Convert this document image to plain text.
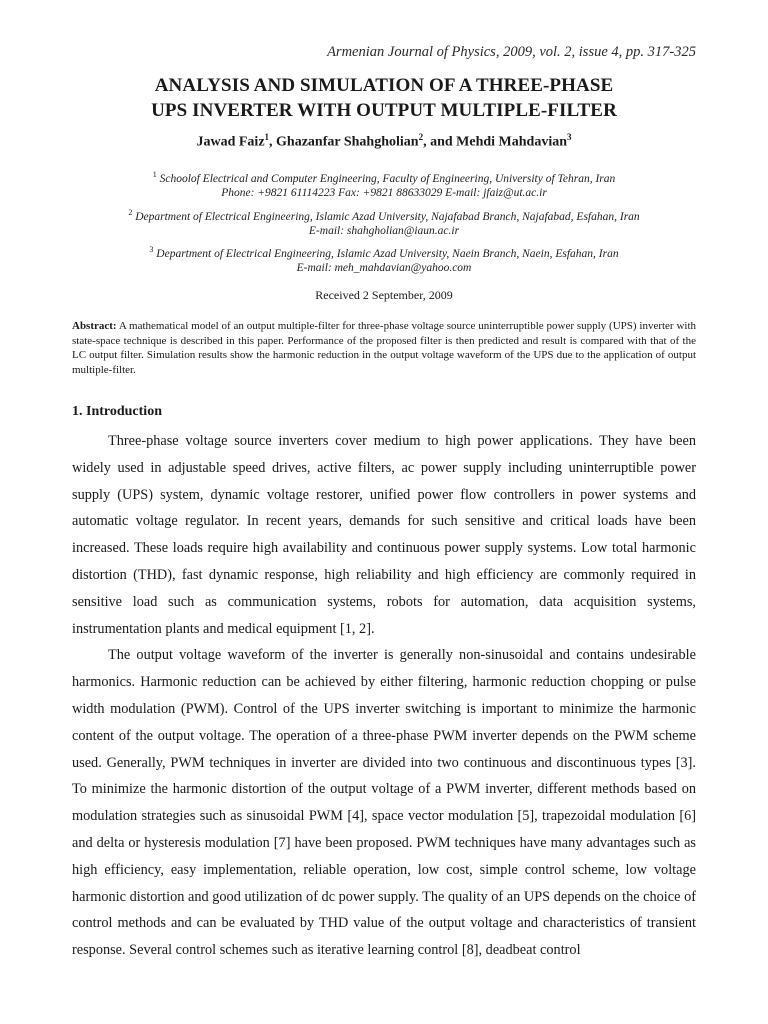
Armenian Journal of Physics, 2009, vol. 2, issue 4, pp. 317-325
ANALYSIS AND SIMULATION OF A THREE-PHASE
UPS INVERTER WITH OUTPUT MULTIPLE-FILTER
Jawad Faiz$^1$, Ghazanfar Shahgholian$^2$, and Mehdi Mahdavian$^3$
$^1$ Schoolof Electrical and Computer Engineering, Faculty of Engineering, University of Tehran, Iran
Phone: +9821 61114223 Fax: +9821 88633029 E-mail: jfaiz@ut.ac.ir
$^2$ Department of Electrical Engineering, Islamic Azad University, Najafabad Branch, Najafabad, Esfahan, Iran
E-mail: shahgholian@iaun.ac.ir
$^3$ Department of Electrical Engineering, Islamic Azad University, Naein Branch, Naein, Esfahan, Iran
E-mail: meh_mahdavian@yahoo.com
Received 2 September, 2009
Abstract: A mathematical model of an output multiple-filter for three-phase voltage source uninterruptible power supply (UPS) inverter with state-space technique is described in this paper. Performance of the proposed filter is then predicted and result is compared with that of the LC output filter. Simulation results show the harmonic reduction in the output voltage waveform of the UPS due to the application of output multiple-filter.
1. Introduction

Three-phase voltage source inverters cover medium to high power applications. They have been widely used in adjustable speed drives, active filters, ac power supply including uninterruptible power supply (UPS) system, dynamic voltage restorer, unified power flow controllers in power systems and automatic voltage regulator. In recent years, demands for such sensitive and critical loads have been increased. These loads require high availability and continuous power supply systems. Low total harmonic distortion (THD), fast dynamic response, high reliability and high efficiency are commonly required in sensitive load such as communication systems, robots for automation, data acquisition systems, instrumentation plants and medical equipment [1, 2].

The output voltage waveform of the inverter is generally non-sinusoidal and contains undesirable harmonics. Harmonic reduction can be achieved by either filtering, harmonic reduction chopping or pulse width modulation (PWM). Control of the UPS inverter switching is important to minimize the harmonic content of the output voltage. The operation of a three-phase PWM inverter depends on the PWM scheme used. Generally, PWM techniques in inverter are divided into two continuous and discontinuous types [3]. To minimize the harmonic distortion of the output voltage of a PWM inverter, different methods based on modulation strategies such as sinusoidal PWM [4], space vector modulation [5], trapezoidal modulation [6] and delta or hysteresis modulation [7] have been proposed. PWM techniques have many advantages such as high efficiency, easy implementation, reliable operation, low cost, simple control scheme, low voltage harmonic distortion and good utilization of dc power supply. The quality of an UPS depends on the choice of control methods and can be evaluated by THD value of the output voltage and characteristics of transient response. Several control schemes such as iterative learning control [8], deadbeat control
